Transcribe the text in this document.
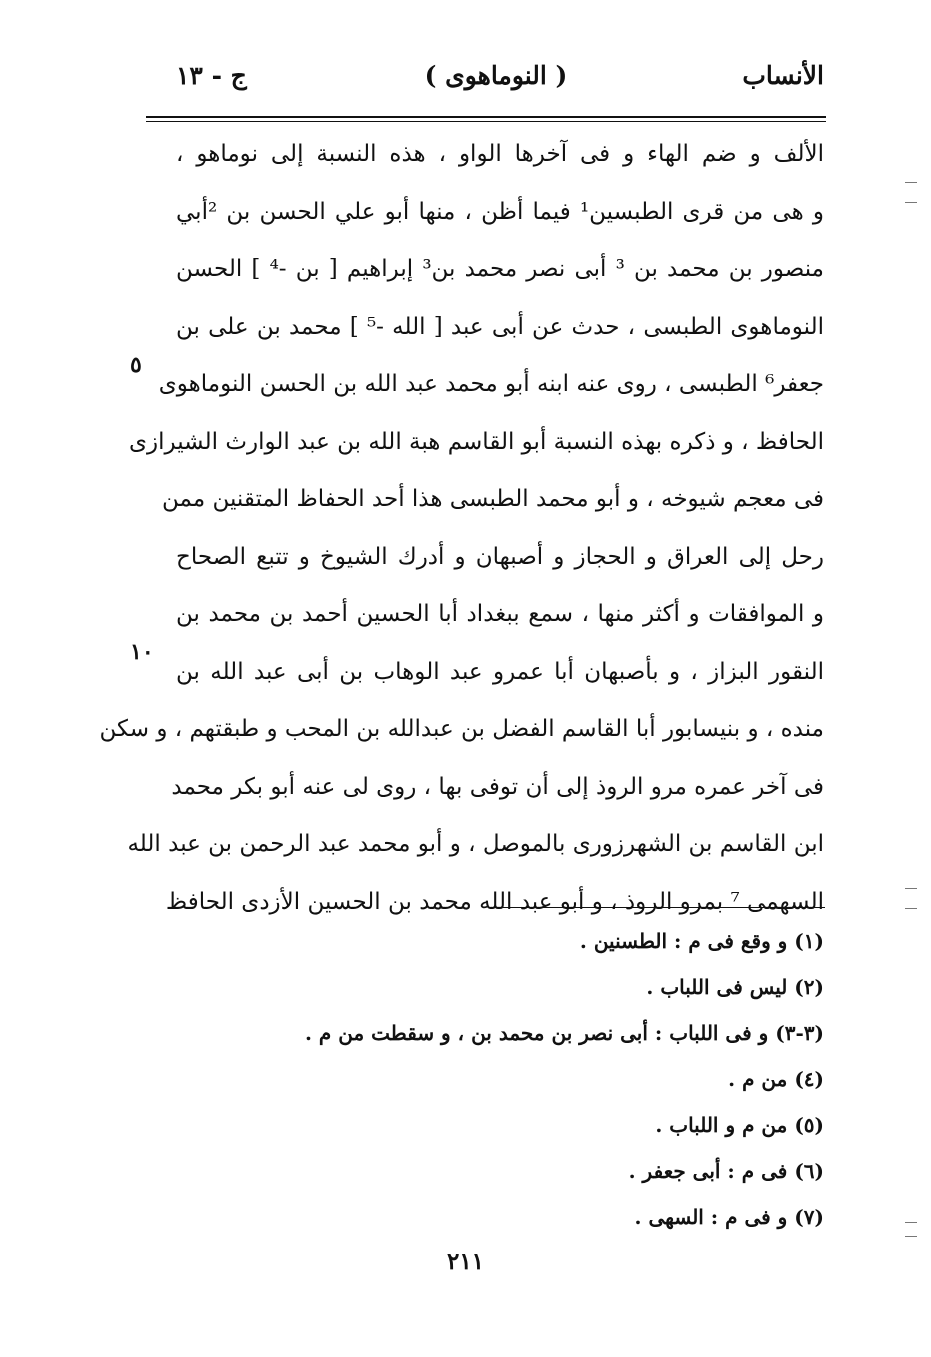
الأنساب
( النوماهوى )
ج - ١٣
الألف و ضم الهاء و فى آخرها الواو ، هذه النسبة إلى نوماهو ،
و هى من قرى الطبسين¹ فيما أظن ، منها أبو علي الحسن بن ²أبي
منصور بن محمد بن ³ أبى نصر محمد بن³ إبراهيم [ بن -⁴ ] الحسن
النوماهوى الطبسى ، حدث عن أبى عبد [ الله -⁵ ] محمد بن على بن
جعفر⁶ الطبسى ، روى عنه ابنه أبو محمد عبد الله بن الحسن النوماهوى
الحافظ ، و ذكره بهذه النسبة أبو القاسم هبة الله بن عبد الوارث الشيرازى
فى معجم شيوخه ، و أبو محمد الطبسى هذا أحد الحفاظ المتقنين ممن
رحل إلى العراق و الحجاز و أصبهان و أدرك الشيوخ و تتبع الصحاح
و الموافقات و أكثر منها ، سمع ببغداد أبا الحسين أحمد بن محمد بن
النقور البزاز ، و بأصبهان أبا عمرو عبد الوهاب بن أبى عبد الله بن
منده ، و بنيسابور أبا القاسم الفضل بن عبدالله بن المحب و طبقتهم ، و سكن
فى آخر عمره مرو الروذ إلى أن توفى بها ، روى لى عنه أبو بكر محمد
ابن القاسم بن الشهرزورى بالموصل ، و أبو محمد عبد الرحمن بن عبد الله
السهمى ⁷ بمرو الروذ ، و أبو عبد الله محمد بن الحسين الأزدى الحافظ
٥
١٠
(١) و وقع فى م : الطسنين .
(٢) ليس فى اللباب .
(٣-٣) و فى اللباب : أبى نصر بن محمد بن ، و سقطت من م .
(٤) من م .
(٥) من م و اللباب .
(٦) فى م : أبى جعفر .
(٧) و فى م : السهى .
٢١١
